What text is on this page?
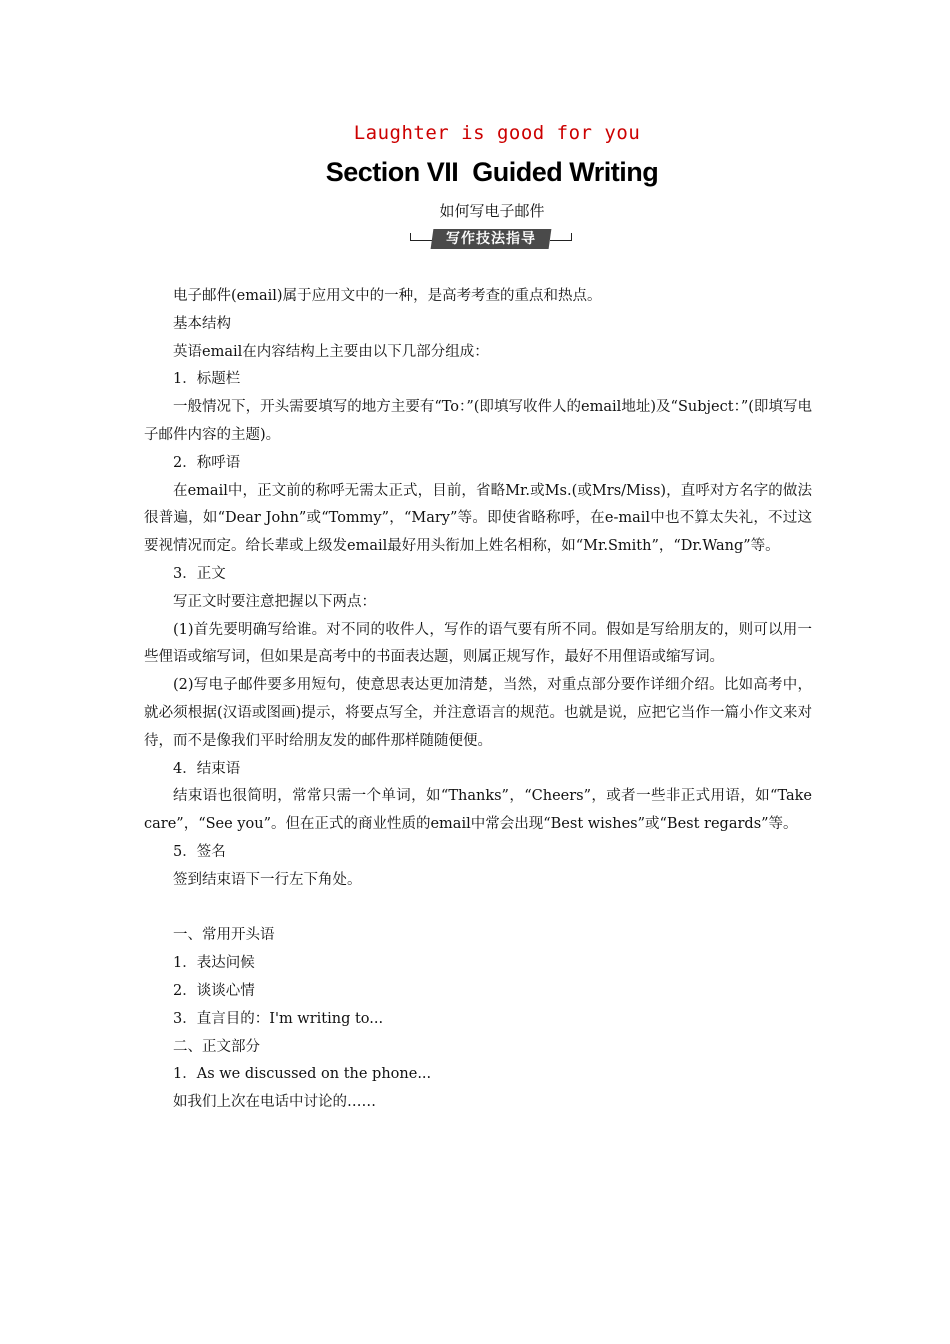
Laughter is good for you
Section VII  Guided Writing
如何写电子邮件
写作技法指导

电子邮件(email)属于应用文中的一种，是高考考查的重点和热点。

基本结构

英语email在内容结构上主要由以下几部分组成：

1．标题栏

一般情况下，开头需要填写的地方主要有“To：”(即填写收件人的email地址)及“Subject：”(即填写电子邮件内容的主题)。

2．称呼语

在email中，正文前的称呼无需太正式，目前，省略Mr.或Ms.(或Mrs/Miss)，直呼对方名字的做法很普遍，如“Dear John”或“Tommy”，“Mary”等。即使省略称呼，在e-mail中也不算太失礼，不过这要视情况而定。给长辈或上级发email最好用头衔加上姓名相称，如“Mr.Smith”，“Dr.Wang”等。

3．正文

写正文时要注意把握以下两点：

(1)首先要明确写给谁。对不同的收件人，写作的语气要有所不同。假如是写给朋友的，则可以用一些俚语或缩写词，但如果是高考中的书面表达题，则属正规写作，最好不用俚语或缩写词。

(2)写电子邮件要多用短句，使意思表达更加清楚，当然，对重点部分要作详细介绍。比如高考中，就必须根据(汉语或图画)提示，将要点写全，并注意语言的规范。也就是说，应把它当作一篇小作文来对待，而不是像我们平时给朋友发的邮件那样随随便便。

4．结束语

结束语也很简明，常常只需一个单词，如“Thanks”，“Cheers”，或者一些非正式用语，如“Take care”，“See you”。但在正式的商业性质的email中常会出现“Best wishes”或“Best regards”等。

5．签名

签到结束语下一行左下角处。

一、常用开头语

1．表达问候

2．谈谈心情

3．直言目的：I'm writing to...

二、正文部分

1．As we discussed on the phone...

如我们上次在电话中讨论的……
